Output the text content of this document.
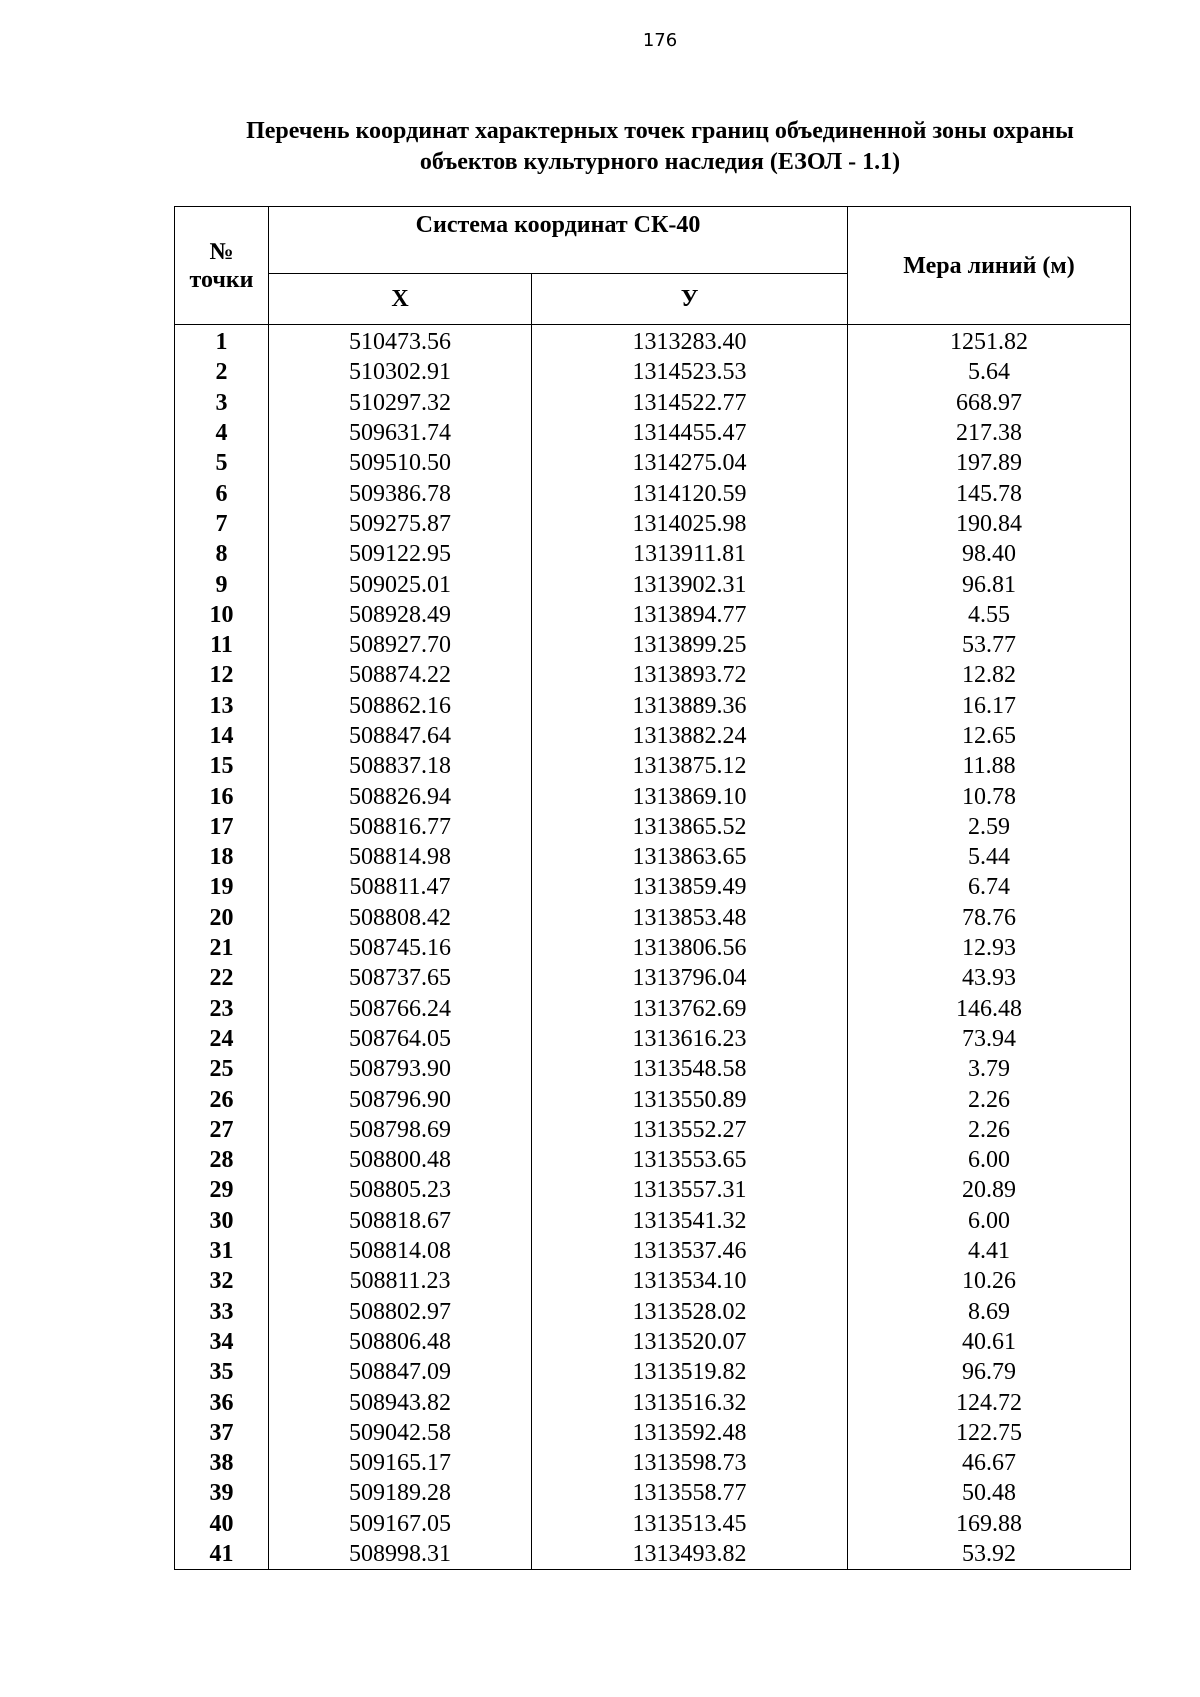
176
Перечень координат характерных точек границ объединенной зоны охраны
объектов культурного наследия (ЕЗОЛ - 1.1)
№
точки	Система координат СК-40		Мера линий (м)
	Х	У	
1	510473.56	1313283.40	1251.82
2	510302.91	1314523.53	5.64
3	510297.32	1314522.77	668.97
4	509631.74	1314455.47	217.38
5	509510.50	1314275.04	197.89
6	509386.78	1314120.59	145.78
7	509275.87	1314025.98	190.84
8	509122.95	1313911.81	98.40
9	509025.01	1313902.31	96.81
10	508928.49	1313894.77	4.55
11	508927.70	1313899.25	53.77
12	508874.22	1313893.72	12.82
13	508862.16	1313889.36	16.17
14	508847.64	1313882.24	12.65
15	508837.18	1313875.12	11.88
16	508826.94	1313869.10	10.78
17	508816.77	1313865.52	2.59
18	508814.98	1313863.65	5.44
19	508811.47	1313859.49	6.74
20	508808.42	1313853.48	78.76
21	508745.16	1313806.56	12.93
22	508737.65	1313796.04	43.93
23	508766.24	1313762.69	146.48
24	508764.05	1313616.23	73.94
25	508793.90	1313548.58	3.79
26	508796.90	1313550.89	2.26
27	508798.69	1313552.27	2.26
28	508800.48	1313553.65	6.00
29	508805.23	1313557.31	20.89
30	508818.67	1313541.32	6.00
31	508814.08	1313537.46	4.41
32	508811.23	1313534.10	10.26
33	508802.97	1313528.02	8.69
34	508806.48	1313520.07	40.61
35	508847.09	1313519.82	96.79
36	508943.82	1313516.32	124.72
37	509042.58	1313592.48	122.75
38	509165.17	1313598.73	46.67
39	509189.28	1313558.77	50.48
40	509167.05	1313513.45	169.88
41	508998.31	1313493.82	53.92
